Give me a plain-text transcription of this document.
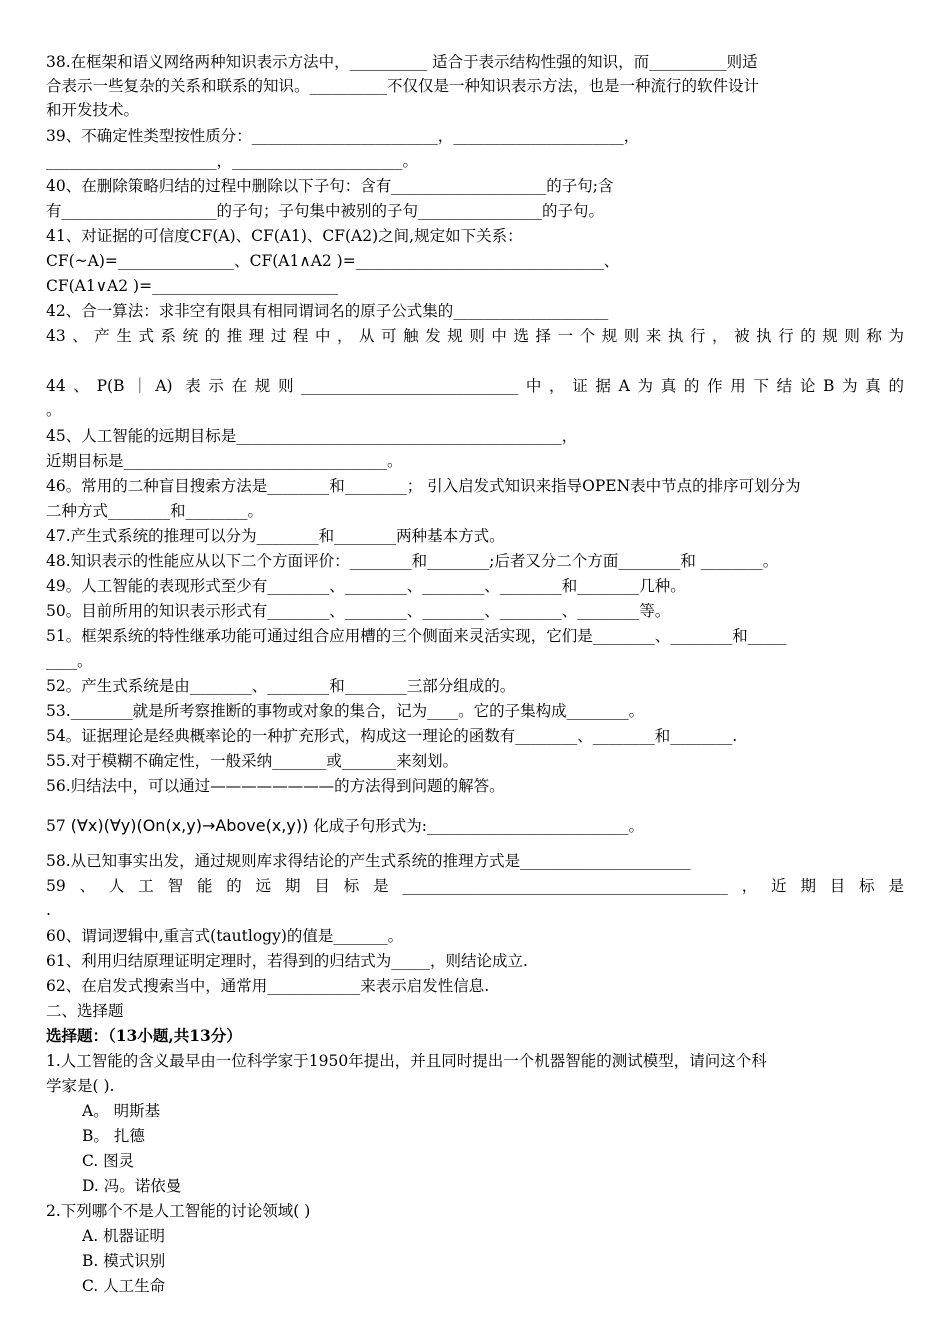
38.在框架和语义网络两种知识表示方法中，__________ 适合于表示结构性强的知识，而__________则适
合表示一些复杂的关系和联系的知识。__________不仅仅是一种知识表示方法，也是一种流行的软件设计
和开发技术。
39、不确定性类型按性质分：________________________，______________________，
______________________，______________________。
40、在删除策略归结的过程中删除以下子句：含有____________________的子句;含
有____________________的子句；子句集中被别的子句________________的子句。
41、对证据的可信度CF(A)、CF(A1)、CF(A2)之间,规定如下关系：
CF(~A)=_______________、CF(A1∧A2 )=________________________________、
CF(A1∨A2 )=________________________
42、合一算法：求非空有限具有相同谓词名的原子公式集的____________________
43、产生式系统的推理过程中，从可触发规则中选择一个规则来执行，被执行的规则称为
44、P(B｜A) 表示在规则____________________________中，证据A为真的作用下结论B为真的
。
45、人工智能的远期目标是__________________________________________，
近期目标是__________________________________。
46。常用的二种盲目搜索方法是________和________； 引入启发式知识来指导OPEN表中节点的排序可划分为
二种方式________和________。
47.产生式系统的推理可以分为________和________两种基本方式。
48.知识表示的性能应从以下二个方面评价：________和________;后者又分二个方面________和 ________。
49。人工智能的表现形式至少有________、________、________、________和________几种。
50。目前所用的知识表示形式有________、________、________、________、________等。
51。框架系统的特性继承功能可通过组合应用槽的三个侧面来灵活实现，它们是________、________和_____
____。
52。产生式系统是由________、________和________三部分组成的。
53.________就是所考察推断的事物或对象的集合，记为____。它的子集构成________。
54。证据理论是经典概率论的一种扩充形式，构成这一理论的函数有________、________和________.
55.对于模糊不确定性，一般采纳_______或_______来刻划。
56.归结法中，可以通过————————的方法得到问题的解答。
57 (∀x)(∀y)(On(x,y)→Above(x,y)) 化成子句形式为:__________________________。
58.从已知事实出发，通过规则库求得结论的产生式系统的推理方式是______________________
59、人工智能的远期目标是__________________________________________，近期目标是
.
60、谓词逻辑中,重言式(tautlogy)的值是_______。
61、利用归结原理证明定理时，若得到的归结式为_____，则结论成立.
62、在启发式搜索当中，通常用____________来表示启发性信息.
二、选择题
选择题：（13小题,共13分）
1.人工智能的含义最早由一位科学家于1950年提出，并且同时提出一个机器智能的测试模型，请问这个科
学家是( ).
A。 明斯基
B。 扎德
C. 图灵
D. 冯。诺依曼
2.下列哪个不是人工智能的讨论领域( )
A. 机器证明
B. 模式识别
C. 人工生命
